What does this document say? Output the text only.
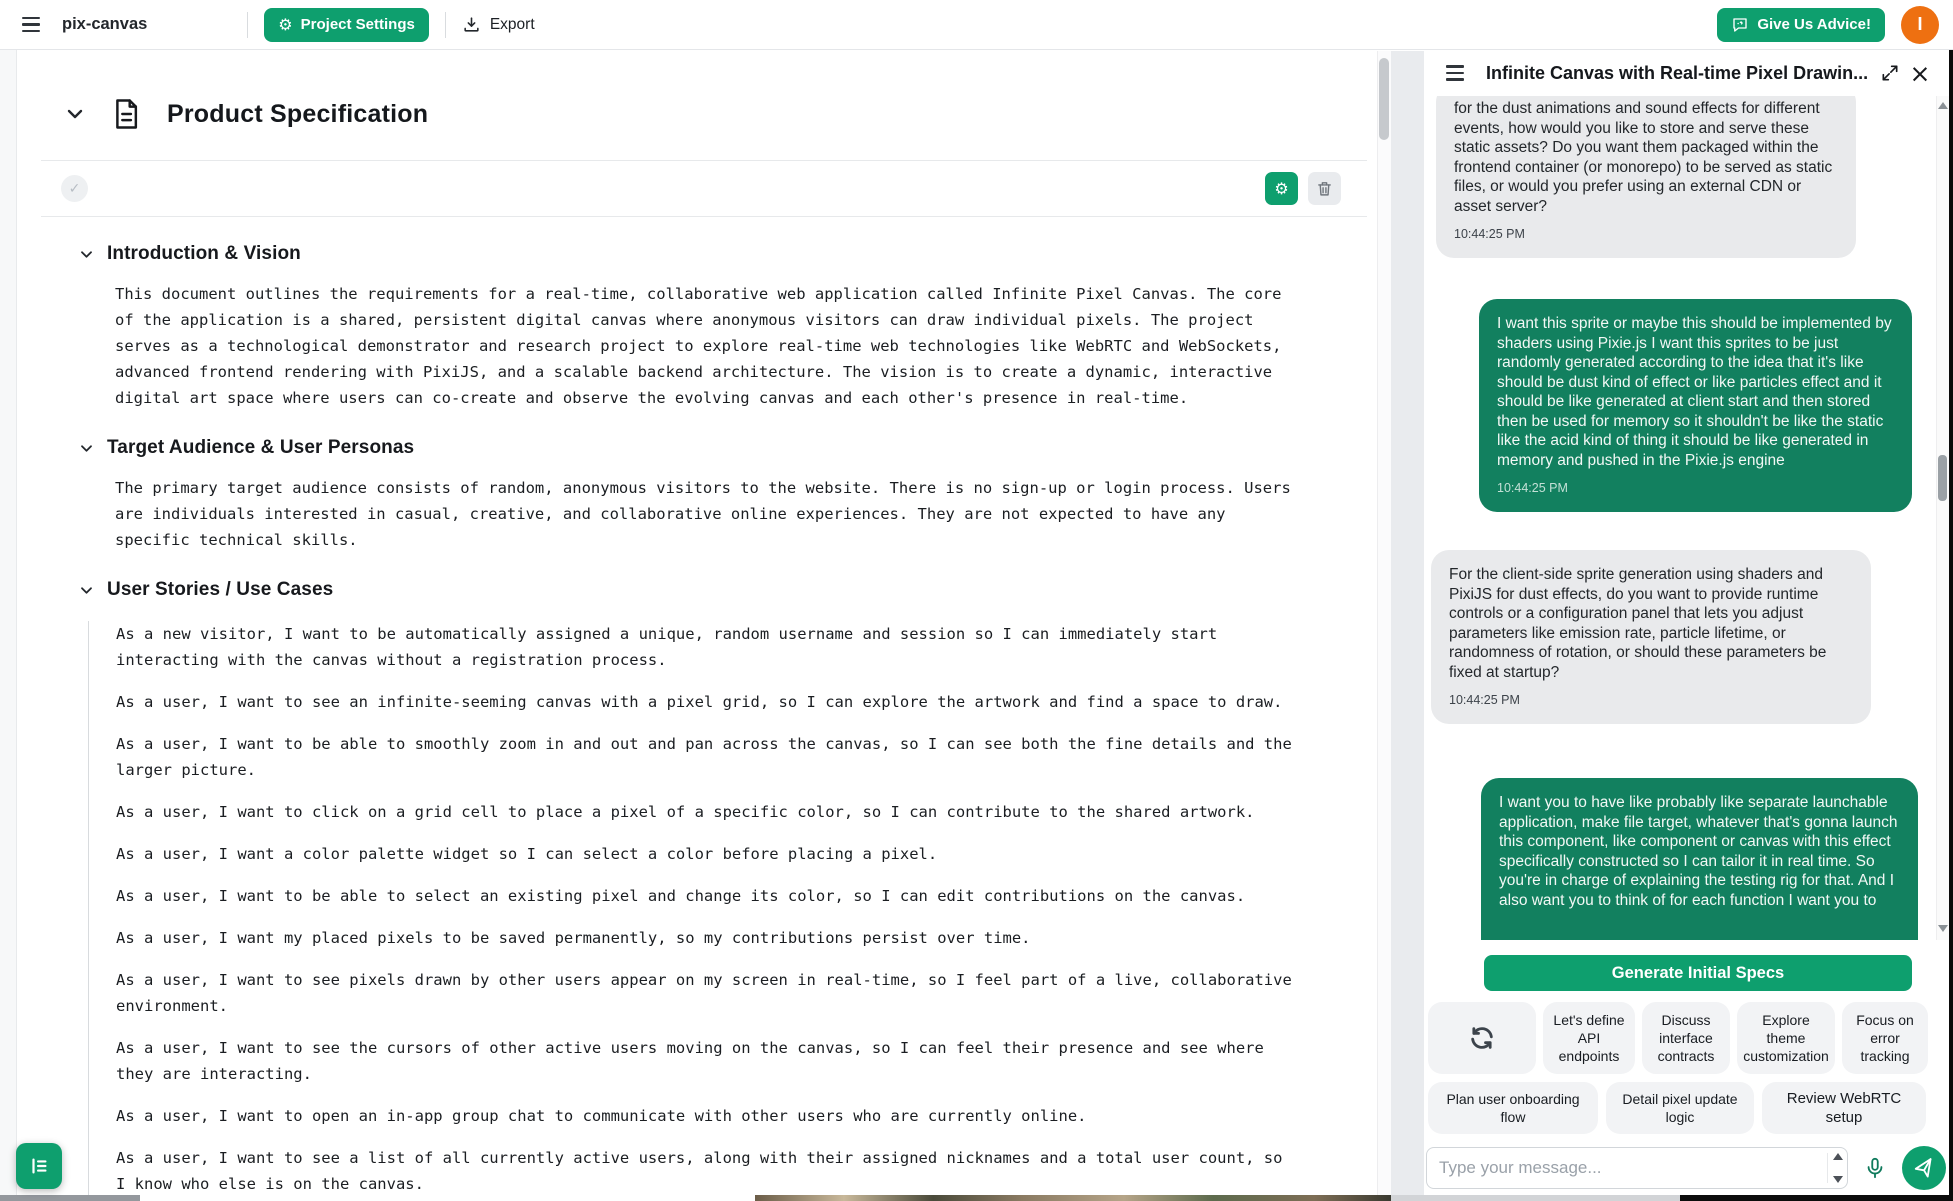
pix-canvas	⚙ Project Settings	Export	Give Us Advice!	I
Product Specification
✓	⚙
Introduction & Vision

This document outlines the requirements for a real-time, collaborative web application called Infinite Pixel Canvas. The core of the application is a shared, persistent digital canvas where anonymous visitors can draw individual pixels. The project serves as a technological demonstrator and research project to explore real-time web technologies like WebRTC and WebSockets, advanced frontend rendering with PixiJS, and a scalable backend architecture. The vision is to create a dynamic, interactive digital art space where users can co-create and observe the evolving canvas and each other's presence in real-time.

Target Audience & User Personas

The primary target audience consists of random, anonymous visitors to the website. There is no sign-up or login process. Users are individuals interested in casual, creative, and collaborative online experiences. They are not expected to have any specific technical skills.

User Stories / Use Cases

As a new visitor, I want to be automatically assigned a unique, random username and session so I can immediately start interacting with the canvas without a registration process.

As a user, I want to see an infinite-seeming canvas with a pixel grid, so I can explore the artwork and find a space to draw.

As a user, I want to be able to smoothly zoom in and out and pan across the canvas, so I can see both the fine details and the larger picture.

As a user, I want to click on a grid cell to place a pixel of a specific color, so I can contribute to the shared artwork.

As a user, I want a color palette widget so I can select a color before placing a pixel.

As a user, I want to be able to select an existing pixel and change its color, so I can edit contributions on the canvas.

As a user, I want my placed pixels to be saved permanently, so my contributions persist over time.

As a user, I want to see pixels drawn by other users appear on my screen in real-time, so I feel part of a live, collaborative environment.

As a user, I want to see the cursors of other active users moving on the canvas, so I can feel their presence and see where they are interacting.

As a user, I want to open an in-app group chat to communicate with other users who are currently online.

As a user, I want to see a list of all currently active users, along with their assigned nicknames and a total user count, so I know who else is on the canvas.

Infinite Canvas with Real-time Pixel Drawin... ×
for the dust animations and sound effects for different events, how would you like to store and serve these static assets? Do you want them packaged within the frontend container (or monorepo) to be served as static files, or would you prefer using an external CDN or asset server?
10:44:25 PM
I want this sprite or maybe this should be implemented by shaders using Pixie.js I want this sprites to be just randomly generated according to the idea that it's like should be dust kind of effect or like particles effect and it should be like generated at client start and then stored then be used for memory so it shouldn't be like the static like the acid kind of thing it should be like generated in memory and pushed in the Pixie.js engine
10:44:25 PM
For the client-side sprite generation using shaders and PixiJS for dust effects, do you want to provide runtime controls or a configuration panel that lets you adjust parameters like emission rate, particle lifetime, or randomness of rotation, or should these parameters be fixed at startup?
10:44:25 PM
I want you to have like probably like separate launchable application, make file target, whatever that's gonna launch this component, like component or canvas with this effect specifically constructed so I can tailor it in real time. So you're in charge of explaining the testing rig for that. And I also want you to think of for each function I want you to
Generate Initial Specs
Let's define API endpoints
Discuss interface contracts
Explore theme customization
Focus on error tracking
Plan user onboarding flow
Detail pixel update logic
Review WebRTC setup
Type your message...
